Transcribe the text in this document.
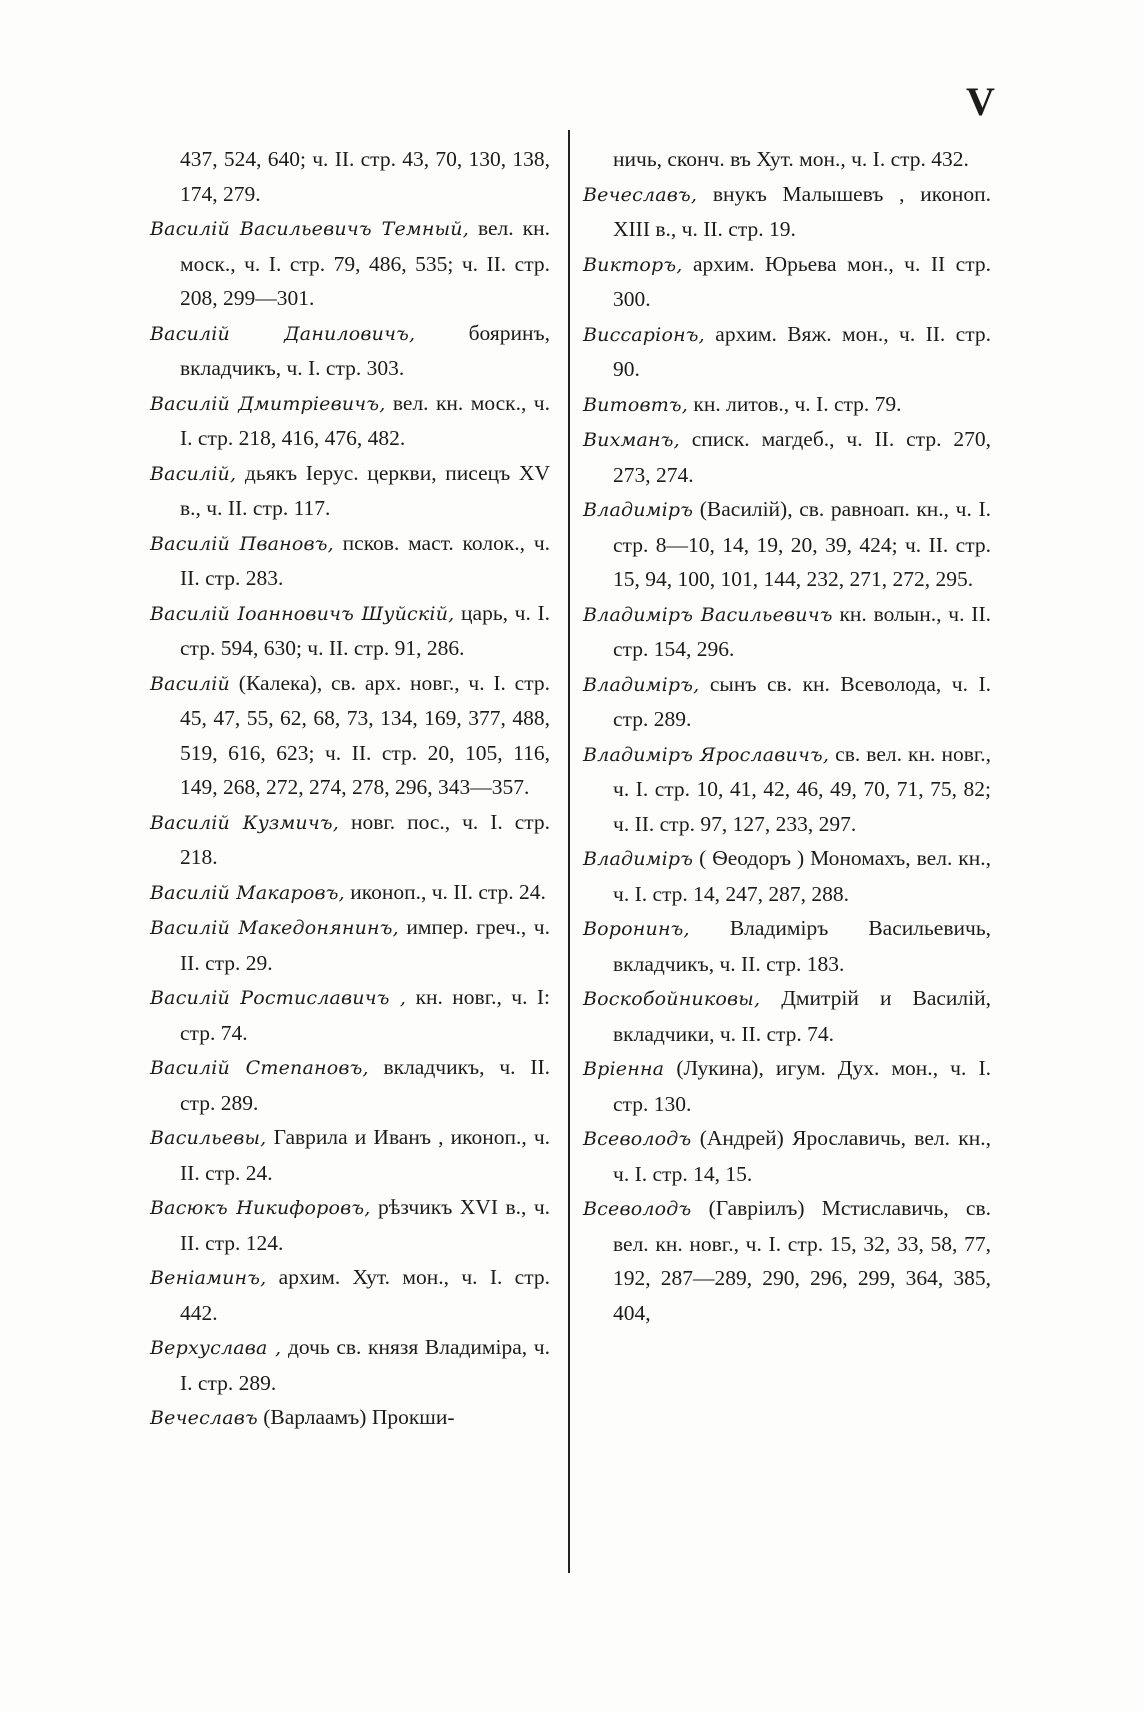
V
437, 524, 640; ч. II. стр. 43, 70, 130, 138, 174, 279.
Василій Васильевичъ Темный, вел. кн. моск., ч. I. стр. 79, 486, 535; ч. II. стр. 208, 299—301.
Василій Даниловичъ, бояринъ, вкладчикъ, ч. I. стр. 303.
Василій Дмитріевичъ, вел. кн. моск., ч. I. стр. 218, 416, 476, 482.
Василій, дьякъ Іерус. церкви, писецъ XV в., ч. II. стр. 117.
Василій Пвановъ, псков. маст. колок., ч. II. стр. 283.
Василій Іоанновичъ Шуйскій, царь, ч. I. стр. 594, 630; ч. II. стр. 91, 286.
Василій (Калека), св. арх. новг., ч. I. стр. 45, 47, 55, 62, 68, 73, 134, 169, 377, 488, 519, 616, 623; ч. II. стр. 20, 105, 116, 149, 268, 272, 274, 278, 296, 343—357.
Василій Кузмичъ, новг. пос., ч. I. стр. 218.
Василій Макаровъ, иконоп., ч. II. стр. 24.
Василій Македонянинъ, импер. греч., ч. II. стр. 29.
Василій Ростиславичъ , кн. новг., ч. I: стр. 74.
Василій Степановъ, вкладчикъ, ч. II. стр. 289.
Васильевы, Гаврила и Иванъ , иконоп., ч. II. стр. 24.
Васюкъ Никифоровъ, рѣзчикъ XVI в., ч. II. стр. 124.
Веніаминъ, архим. Хут. мон., ч. I. стр. 442.
Верхуслава , дочь св. князя Владиміра, ч. I. стр. 289.
Вечеславъ (Варлаамъ) Прокши-
ничь, сконч. въ Хут. мон., ч. I. стр. 432.
Вечеславъ, внукъ Малышевъ , иконоп. XIII в., ч. II. стр. 19.
Викторъ, архим. Юрьева мон., ч. II стр. 300.
Виссаріонъ, архим. Вяж. мон., ч. II. стр. 90.
Витовтъ, кн. литов., ч. I. стр. 79.
Вихманъ, списк. магдеб., ч. II. стр. 270, 273, 274.
Владиміръ (Василій), св. равноап. кн., ч. I. стр. 8—10, 14, 19, 20, 39, 424; ч. II. стр. 15, 94, 100, 101, 144, 232, 271, 272, 295.
Владиміръ Васильевичъ кн. волын., ч. II. стр. 154, 296.
Владиміръ, сынъ св. кн. Всеволода, ч. I. стр. 289.
Владиміръ Ярославичъ, св. вел. кн. новг., ч. I. стр. 10, 41, 42, 46, 49, 70, 71, 75, 82; ч. II. стр. 97, 127, 233, 297.
Владиміръ ( Ѳеодоръ ) Мономахъ, вел. кн., ч. I. стр. 14, 247, 287, 288.
Воронинъ, Владиміръ Васильевичь, вкладчикъ, ч. II. стр. 183.
Воскобойниковы, Дмитрій и Василій, вкладчики, ч. II. стр. 74.
Вріенна (Лукина), игум. Дух. мон., ч. I. стр. 130.
Всеволодъ (Андрей) Ярославичь, вел. кн., ч. I. стр. 14, 15.
Всеволодъ (Гавріилъ) Мстиславичь, св. вел. кн. новг., ч. I. стр. 15, 32, 33, 58, 77, 192, 287—289, 290, 296, 299, 364, 385, 404,
